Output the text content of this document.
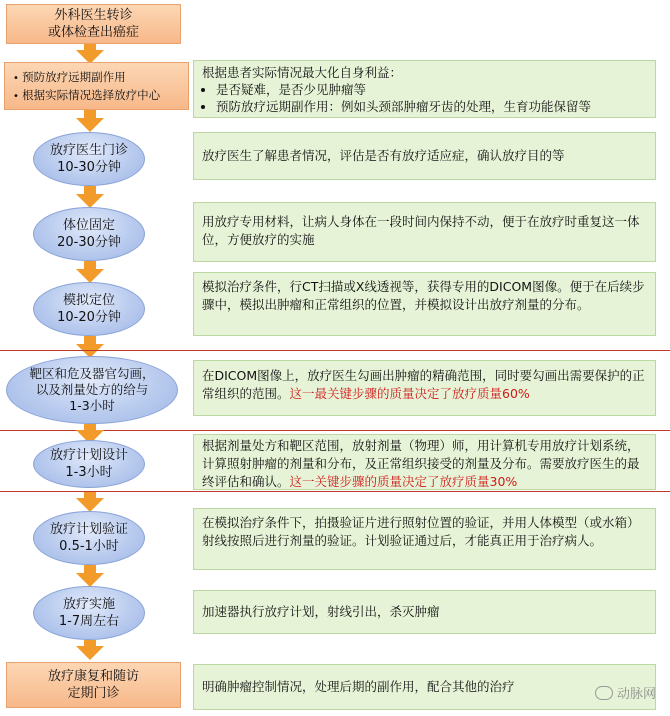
外科医生转诊
或体检查出癌症
• 预防放疗远期副作用
• 根据实际情况选择放疗中心
放疗医生门诊
10-30分钟
体位固定
20-30分钟
模拟定位
10-20分钟
靶区和危及器官勾画，
以及剂量处方的给与
1-3小时
放疗计划设计
1-3小时
放疗计划验证
0.5-1小时
放疗实施
1-7周左右
放疗康复和随访
定期门诊
根据患者实际情况最大化自身利益：
• 是否疑难，是否少见肿瘤等
• 预防放疗远期副作用：例如头颈部肿瘤牙齿的处理，生育功能保留等
放疗医生了解患者情况，评估是否有放疗适应症，确认放疗目的等
用放疗专用材料，让病人身体在一段时间内保持不动，便于在放疗时重复这一体位，方便放疗的实施
模拟治疗条件，行CT扫描或X线透视等，获得专用的DICOM图像。便于在后续步骤中，模拟出肿瘤和正常组织的位置，并模拟设计出放疗剂量的分布。
在DICOM图像上，放疗医生勾画出肿瘤的精确范围，同时要勾画出需要保护的正常组织的范围。这一最关键步骤的质量决定了放疗质量60%
根据剂量处方和靶区范围，放射剂量（物理）师，用计算机专用放疗计划系统，计算照射肿瘤的剂量和分布，及正常组织接受的剂量及分布。需要放疗医生的最终评估和确认。这一关键步骤的质量决定了放疗质量30%
在模拟治疗条件下，拍摄验证片进行照射位置的验证，并用人体模型（或水箱）射线按照后进行剂量的验证。计划验证通过后，才能真正用于治疗病人。
加速器执行放疗计划，射线引出，杀灭肿瘤
明确肿瘤控制情况，处理后期的副作用，配合其他的治疗
动脉网
